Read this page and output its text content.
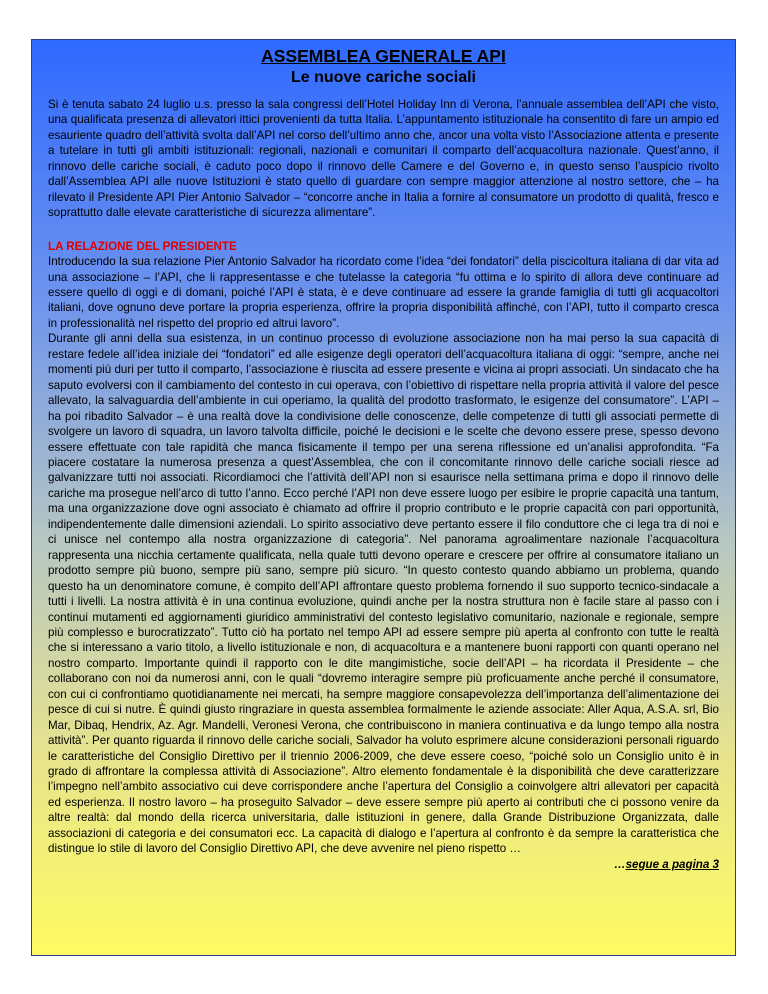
ASSEMBLEA GENERALE API
Le nuove cariche sociali

Si è tenuta sabato 24 luglio u.s. presso la sala congressi dell’Hotel Holiday Inn di Verona, l’annuale assemblea dell’API che visto, una qualificata presenza di allevatori ittici provenienti da tutta Italia. L’appuntamento istituzionale ha consentito di fare un ampio ed esauriente quadro dell’attività svolta dall’API nel corso dell’ultimo anno che, ancor una volta visto l’Associazione attenta e presente a tutelare in tutti gli ambiti istituzionali: regionali, nazionali e comunitari il comparto dell’acquacoltura nazionale. Quest’anno, il rinnovo delle cariche sociali, è caduto poco dopo il rinnovo delle Camere e del Governo e, in questo senso l’auspicio rivolto dall’Assemblea API alle nuove Istituzioni è stato quello di guardare con sempre maggior attenzione al nostro settore, che – ha rilevato il Presidente API Pier Antonio Salvador – “concorre anche in Italia a fornire al consumatore un prodotto di qualità, fresco e soprattutto dalle elevate caratteristiche di sicurezza alimentare”.

LA RELAZIONE DEL PRESIDENTE

Introducendo la sua relazione Pier Antonio Salvador ha ricordato come l’idea “dei fondatori” della piscicoltura italiana di dar vita ad una associazione – l’API, che li rappresentasse e che tutelasse la categoria “fu ottima e lo spirito di allora deve continuare ad essere quello di oggi e di domani, poiché l’API è stata, è e deve continuare ad essere la grande famiglia di tutti gli acquacoltori italiani, dove ognuno deve portare la propria esperienza, offrire la propria disponibilità affinché, con l’API, tutto il comparto cresca in professionalità nel rispetto del proprio ed altrui lavoro”.

Durante gli anni della sua esistenza, in un continuo processo di evoluzione associazione non ha mai perso la sua capacità di restare fedele all’idea iniziale dei “fondatori” ed alle esigenze degli operatori dell’acquacoltura italiana di oggi: “sempre, anche nei momenti più duri per tutto il comparto, l’associazione è riuscita ad essere presente e vicina ai propri associati. Un sindacato che ha saputo evolversi con il cambiamento del contesto in cui operava, con l’obiettivo di rispettare nella propria attività il valore del pesce allevato, la salvaguardia dell’ambiente in cui operiamo, la qualità del prodotto trasformato, le esigenze del consumatore”. L’API – ha poi ribadito Salvador – è una realtà dove la condivisione delle conoscenze, delle competenze di tutti gli associati permette di svolgere un lavoro di squadra, un lavoro talvolta difficile, poiché le decisioni e le scelte che devono essere prese, spesso devono essere effettuate con tale rapidità che manca fisicamente il tempo per una serena riflessione ed un’analisi approfondita. “Fa piacere costatare la numerosa presenza a quest’Assemblea, che con il concomitante rinnovo delle cariche sociali riesce ad galvanizzare tutti noi associati. Ricordiamoci che l’attività dell’API non si esaurisce nella settimana prima e dopo il rinnovo delle cariche ma prosegue nell’arco di tutto l’anno. Ecco perché l’API non deve essere luogo per esibire le proprie capacità una tantum, ma una organizzazione dove ogni associato è chiamato ad offrire il proprio contributo e le proprie capacità con pari opportunità, indipendentemente dalle dimensioni aziendali. Lo spirito associativo deve pertanto essere il filo conduttore che ci lega tra di noi e ci unisce nel contempo alla nostra organizzazione di categoria”. Nel panorama agroalimentare nazionale l’acquacoltura rappresenta una nicchia certamente qualificata, nella quale tutti devono operare e crescere per offrire al consumatore italiano un prodotto sempre più buono, sempre più sano, sempre più sicuro. “In questo contesto quando abbiamo un problema, quando questo ha un denominatore comune, è compito dell’API affrontare questo problema fornendo il suo supporto tecnico-sindacale a tutti i livelli. La nostra attività è in una continua evoluzione, quindi anche per la nostra struttura non è facile stare al passo con i continui mutamenti ed aggiornamenti giuridico amministrativi del contesto legislativo comunitario, nazionale e regionale, sempre più complesso e burocratizzato”. Tutto ciò ha portato nel tempo API ad essere sempre più aperta al confronto con tutte le realtà che si interessano a vario titolo, a livello istituzionale e non, di acquacoltura e a mantenere buoni rapporti con quanti operano nel nostro comparto. Importante quindi il rapporto con le dite mangimistiche, socie dell’API – ha ricordata il Presidente – che collaborano con noi da numerosi anni, con le quali “dovremo interagire sempre più proficuamente anche perché il consumatore, con cui ci confrontiamo quotidianamente nei mercati, ha sempre maggiore consapevolezza dell’importanza dell’alimentazione dei pesce di cui si nutre. È quindi giusto ringraziare in questa assemblea formalmente le aziende associate: Aller Aqua, A.S.A. srl, Bio Mar, Dibaq, Hendrix, Az. Agr. Mandelli, Veronesi Verona, che contribuiscono in maniera continuativa e da lungo tempo alla nostra attività”. Per quanto riguarda il rinnovo delle cariche sociali, Salvador ha voluto esprimere alcune considerazioni personali riguardo le caratteristiche del Consiglio Direttivo per il triennio 2006-2009, che deve essere coeso, “poiché solo un Consiglio unito è in grado di affrontare la complessa attività di Associazione”. Altro elemento fondamentale è la disponibilità che deve caratterizzare l’impegno nell’ambito associativo cui deve corrispondere anche l’apertura del Consiglio a coinvolgere altri allevatori per capacità ed esperienza. Il nostro lavoro – ha proseguito Salvador – deve essere sempre più aperto ai contributi che ci possono venire da altre realtà: dal mondo della ricerca universitaria, dalle istituzioni in genere, dalla Grande Distribuzione Organizzata, dalle associazioni di categoria e dei consumatori ecc. La capacità di dialogo e l’apertura al confronto è da sempre la caratteristica che distingue lo stile di lavoro del Consiglio Direttivo API, che deve avvenire nel pieno rispetto …

…segue a pagina 3
